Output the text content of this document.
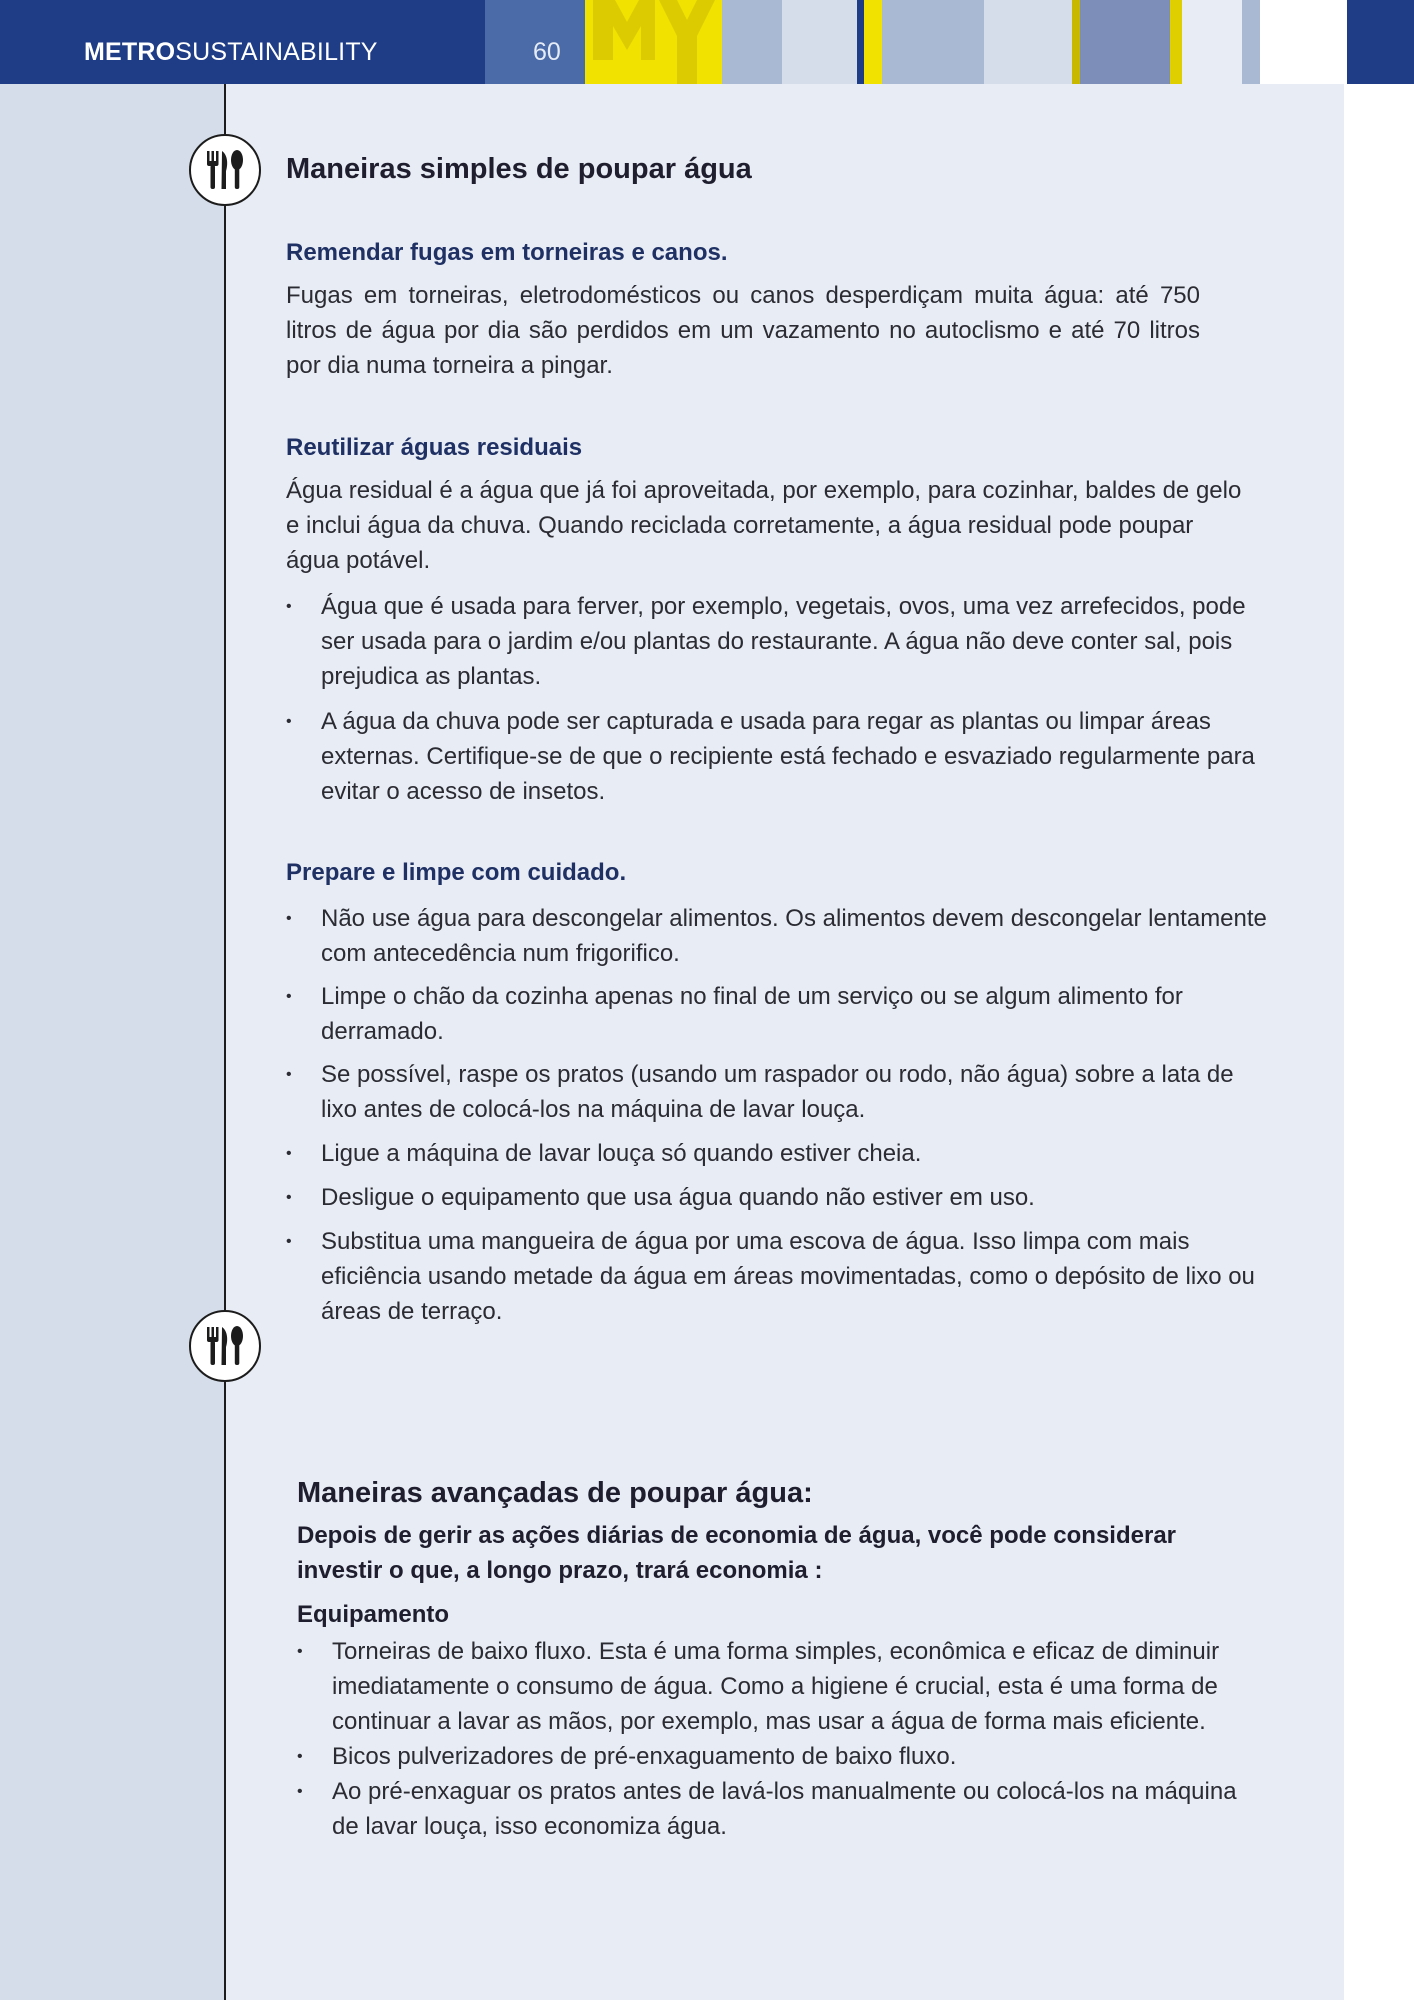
METROSUSTAINABILITY	60
Maneiras simples de poupar água
Remendar fugas em torneiras e canos.

Fugas em torneiras, eletrodomésticos ou canos desperdiçam muita água: até 750 litros de água por dia são perdidos em um vazamento no autoclismo e até 70 litros por dia numa torneira a pingar.

Reutilizar águas residuais

Água residual é a água que já foi aproveitada, por exemplo, para cozinhar, baldes de gelo e inclui água da chuva. Quando reciclada corretamente, a água residual pode poupar água potável.

• Água que é usada para ferver, por exemplo, vegetais, ovos, uma vez arrefecidos, pode ser usada para o jardim e/ou plantas do restaurante. A água não deve conter sal, pois prejudica as plantas.
• A água da chuva pode ser capturada e usada para regar as plantas ou limpar áreas externas. Certifique-se de que o recipiente está fechado e esvaziado regularmente para evitar o acesso de insetos.
Prepare e limpe com cuidado.
• Não use água para descongelar alimentos. Os alimentos devem descongelar lentamente com antecedência num frigorifico.
• Limpe o chão da cozinha apenas no final de um serviço ou se algum alimento for derramado.
• Se possível, raspe os pratos (usando um raspador ou rodo, não água) sobre a lata de lixo antes de colocá-los na máquina de lavar louça.
• Ligue a máquina de lavar louça só quando estiver cheia.
• Desligue o equipamento que usa água quando não estiver em uso.
• Substitua uma mangueira de água por uma escova de água. Isso limpa com mais eficiência usando metade da água em áreas movimentadas, como o depósito de lixo ou áreas de terraço.
Maneiras avançadas de poupar água:

Depois de gerir as ações diárias de economia de água, você pode considerar investir o que, a longo prazo, trará economia :

Equipamento
• Torneiras de baixo fluxo. Esta é uma forma simples, econômica e eficaz de diminuir imediatamente o consumo de água. Como a higiene é crucial, esta é uma forma de continuar a lavar as mãos, por exemplo, mas usar a água de forma mais eficiente.
• Bicos pulverizadores de pré-enxaguamento de baixo fluxo.
• Ao pré-enxaguar os pratos antes de lavá-los manualmente ou colocá-los na máquina de lavar louça, isso economiza água.
